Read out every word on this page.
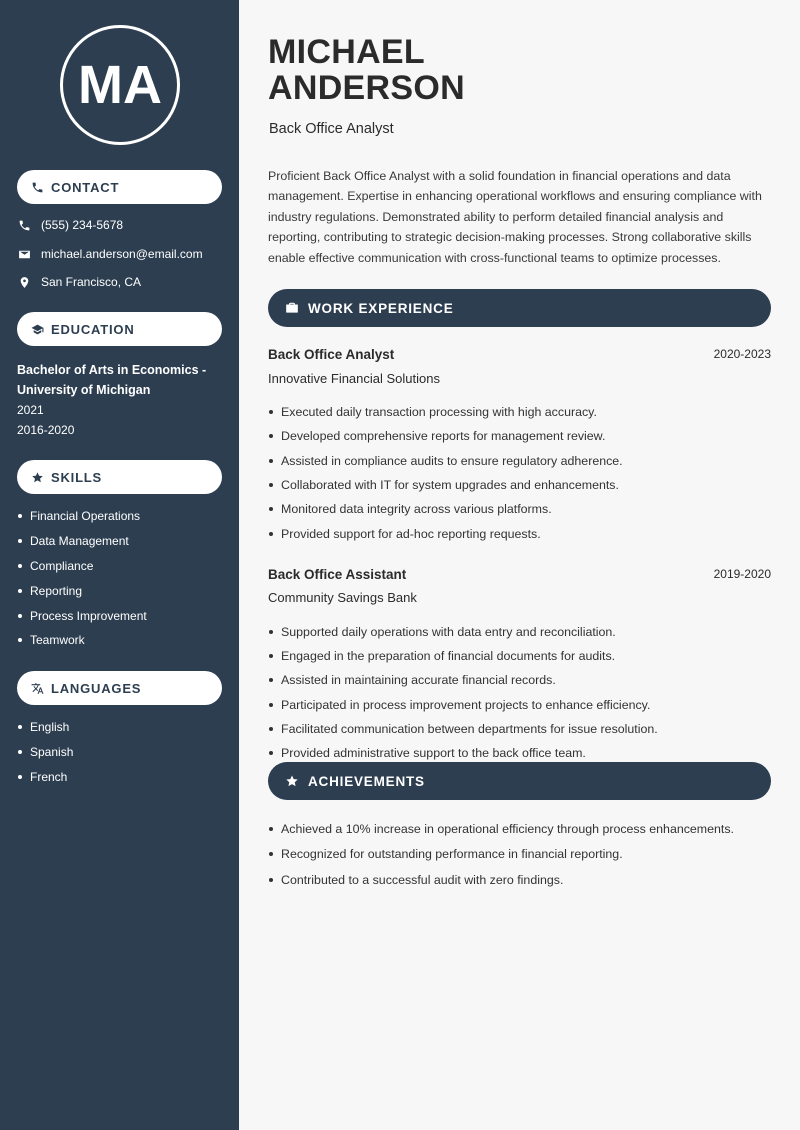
MA
CONTACT
(555) 234-5678
michael.anderson@email.com
San Francisco, CA
EDUCATION
Bachelor of Arts in Economics - University of Michigan
2021
2016-2020
SKILLS
Financial Operations
Data Management
Compliance
Reporting
Process Improvement
Teamwork
LANGUAGES
English
Spanish
French
MICHAEL
ANDERSON
Back Office Analyst

Proficient Back Office Analyst with a solid foundation in financial operations and data management. Expertise in enhancing operational workflows and ensuring compliance with industry regulations. Demonstrated ability to perform detailed financial analysis and reporting, contributing to strategic decision-making processes. Strong collaborative skills enable effective communication with cross-functional teams to optimize processes.

WORK EXPERIENCE
Back Office Analyst	2020-2023
Innovative Financial Solutions
Executed daily transaction processing with high accuracy.
Developed comprehensive reports for management review.
Assisted in compliance audits to ensure regulatory adherence.
Collaborated with IT for system upgrades and enhancements.
Monitored data integrity across various platforms.
Provided support for ad-hoc reporting requests.
Back Office Assistant	2019-2020
Community Savings Bank
Supported daily operations with data entry and reconciliation.
Engaged in the preparation of financial documents for audits.
Assisted in maintaining accurate financial records.
Participated in process improvement projects to enhance efficiency.
Facilitated communication between departments for issue resolution.
Provided administrative support to the back office team.
ACHIEVEMENTS
Achieved a 10% increase in operational efficiency through process enhancements.
Recognized for outstanding performance in financial reporting.
Contributed to a successful audit with zero findings.
